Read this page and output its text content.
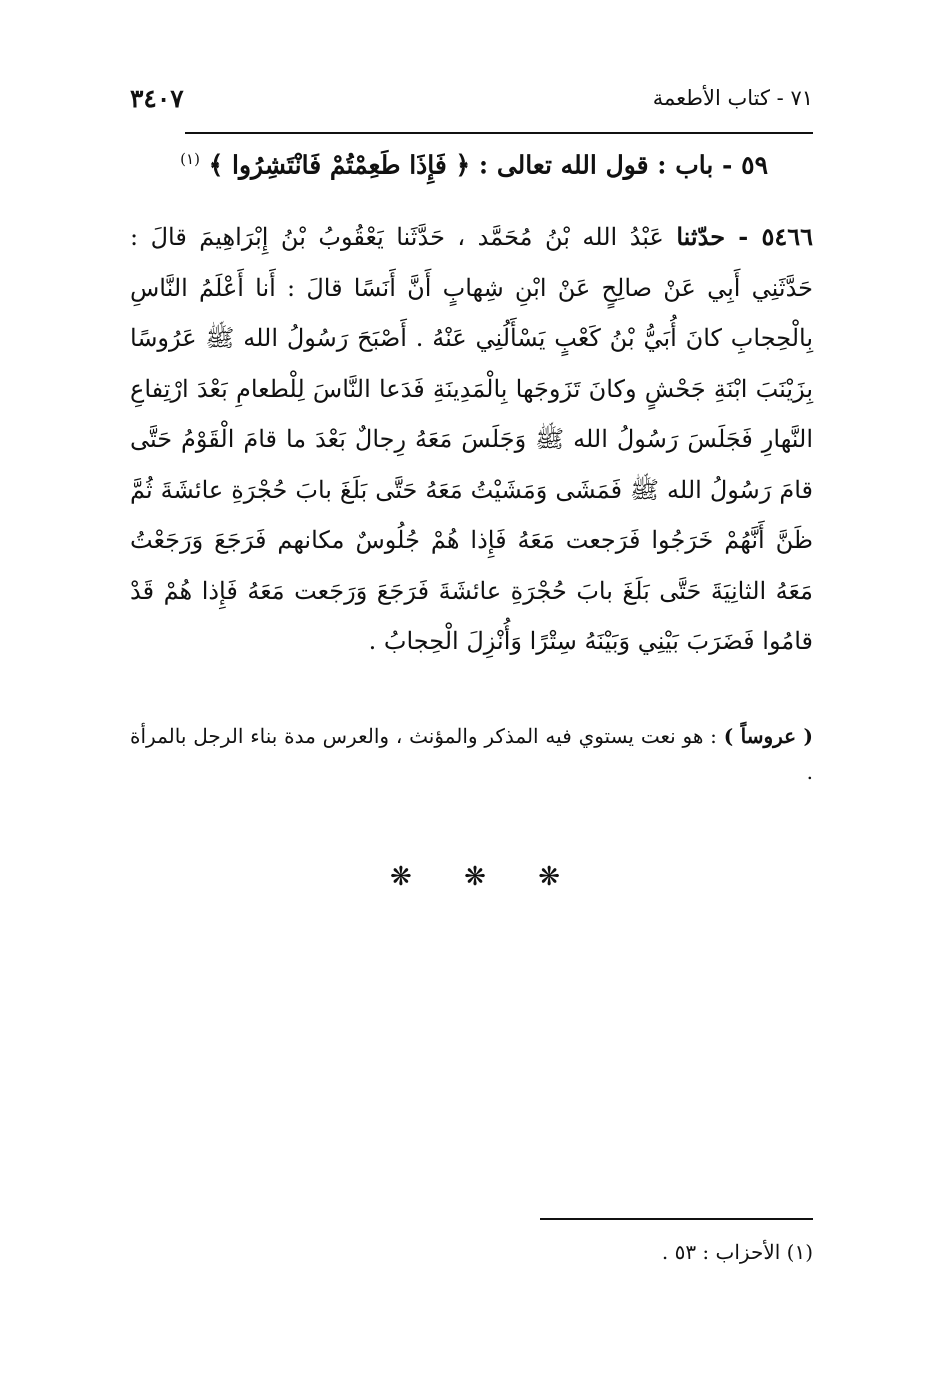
٣٤٠٧	٧١ - كتاب الأطعمة
٥٩ - باب : قول الله تعالى : ﴿ فَإِذَا طَعِمْتُمْ فَانْتَشِرُوا ﴾ $^{(١)}$

٥٤٦٦ - حدّثنا عَبْدُ الله بْنُ مُحَمَّد ، حَدَّثَنا يَعْقُوبُ بْنُ إِبْرَاهِيمَ قالَ : حَدَّثَنِي أَبِي عَنْ صالِحٍ عَنْ ابْنِ شِهابٍ أَنَّ أَنَسًا قالَ : أَنا أَعْلَمُ النَّاسِ بِالْحِجابِ كانَ أُبَيُّ بْنُ كَعْبٍ يَسْأَلُنِي عَنْهُ . أَصْبَحَ رَسُولُ الله ﷺ عَرُوسًا بِزَيْنَبَ ابْنَةِ جَحْشٍ وكانَ تَزَوجَها بِالْمَدِينَةِ فَدَعا النَّاسَ لِلْطعامِ بَعْدَ ارْتِفاعِ النَّهارِ فَجَلَسَ رَسُولُ الله ﷺ وَجَلَسَ مَعَهُ رِجالٌ بَعْدَ ما قامَ الْقَوْمُ حَتَّى قامَ رَسُولُ الله ﷺ فَمَشَى وَمَشَيْتُ مَعَهُ حَتَّى بَلَغَ بابَ حُجْرَةِ عائشَةَ ثُمَّ ظَنَّ أَنَّهُمْ خَرَجُوا فَرَجعت مَعَهُ فَإِذا هُمْ جُلُوسٌ مكانهم فَرَجَعَ وَرَجَعْتُ مَعَهُ الثانِيَةَ حَتَّى بَلَغَ بابَ حُجْرَةِ عائشَةَ فَرَجَعَ وَرَجَعت مَعَهُ فَإِذا هُمْ قَدْ قامُوا فَضَرَبَ بَيْنِي وَبَيْنَهُ سِتْرًا وَأُنْزِلَ الْحِجابُ .

( عروساً ) : هو نعت يستوي فيه المذكر والمؤنث ، والعرس مدة بناء الرجل بالمرأة .
❋ ❋ ❋
(١) الأحزاب : ٥٣ .
